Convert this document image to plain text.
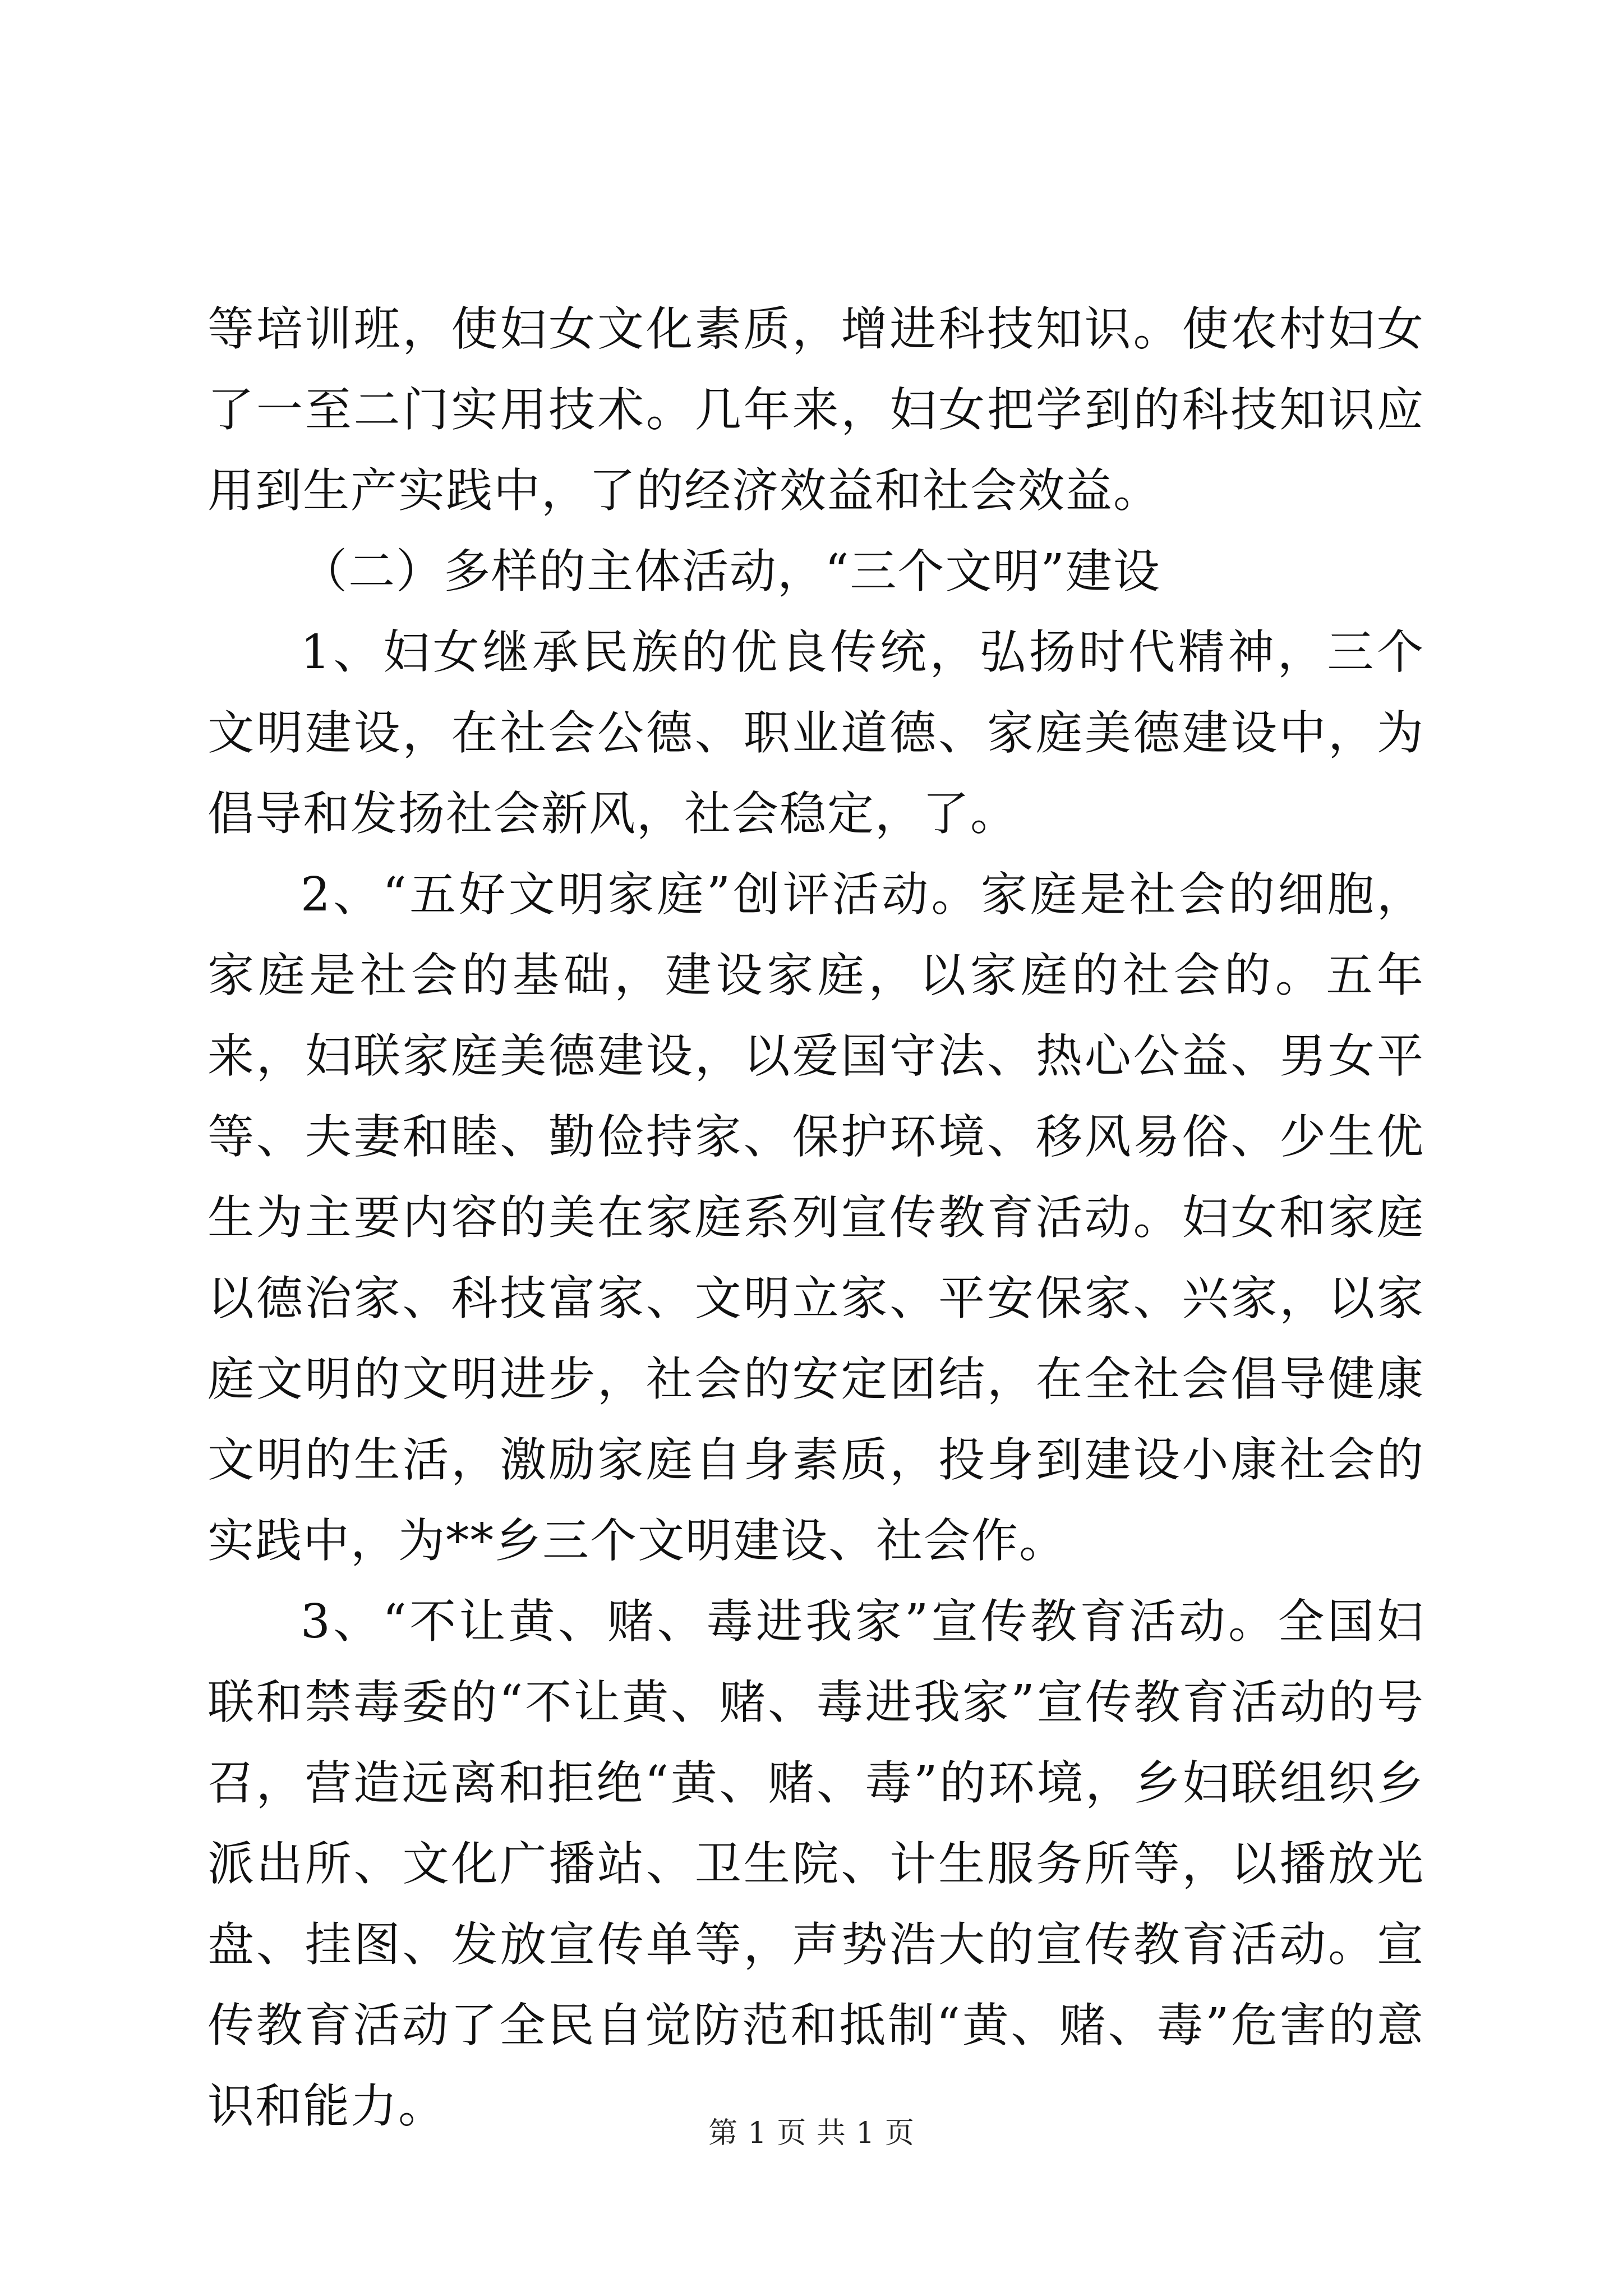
等培训班，使妇女文化素质，增进科技知识。使农村妇女了一至二门实用技术。几年来，妇女把学到的科技知识应用到生产实践中，了的经济效益和社会效益。

（二）多样的主体活动，“三个文明”建设

1、妇女继承民族的优良传统，弘扬时代精神，三个文明建设，在社会公德、职业道德、家庭美德建设中，为倡导和发扬社会新风，社会稳定，了。

2、“五好文明家庭”创评活动。家庭是社会的细胞，家庭是社会的基础，建设家庭，以家庭的社会的。五年来，妇联家庭美德建设，以爱国守法、热心公益、男女平等、夫妻和睦、勤俭持家、保护环境、移风易俗、少生优生为主要内容的美在家庭系列宣传教育活动。妇女和家庭以德治家、科技富家、文明立家、平安保家、兴家，以家庭文明的文明进步，社会的安定团结，在全社会倡导健康文明的生活，激励家庭自身素质，投身到建设小康社会的实践中，为**乡三个文明建设、社会作。

3、“不让黄、赌、毒进我家”宣传教育活动。全国妇联和禁毒委的“不让黄、赌、毒进我家”宣传教育活动的号召，营造远离和拒绝“黄、赌、毒”的环境，乡妇联组织乡派出所、文化广播站、卫生院、计生服务所等，以播放光盘、挂图、发放宣传单等，声势浩大的宣传教育活动。宣传教育活动了全民自觉防范和抵制“黄、赌、毒”危害的意识和能力。	第 1 页 共 1 页
